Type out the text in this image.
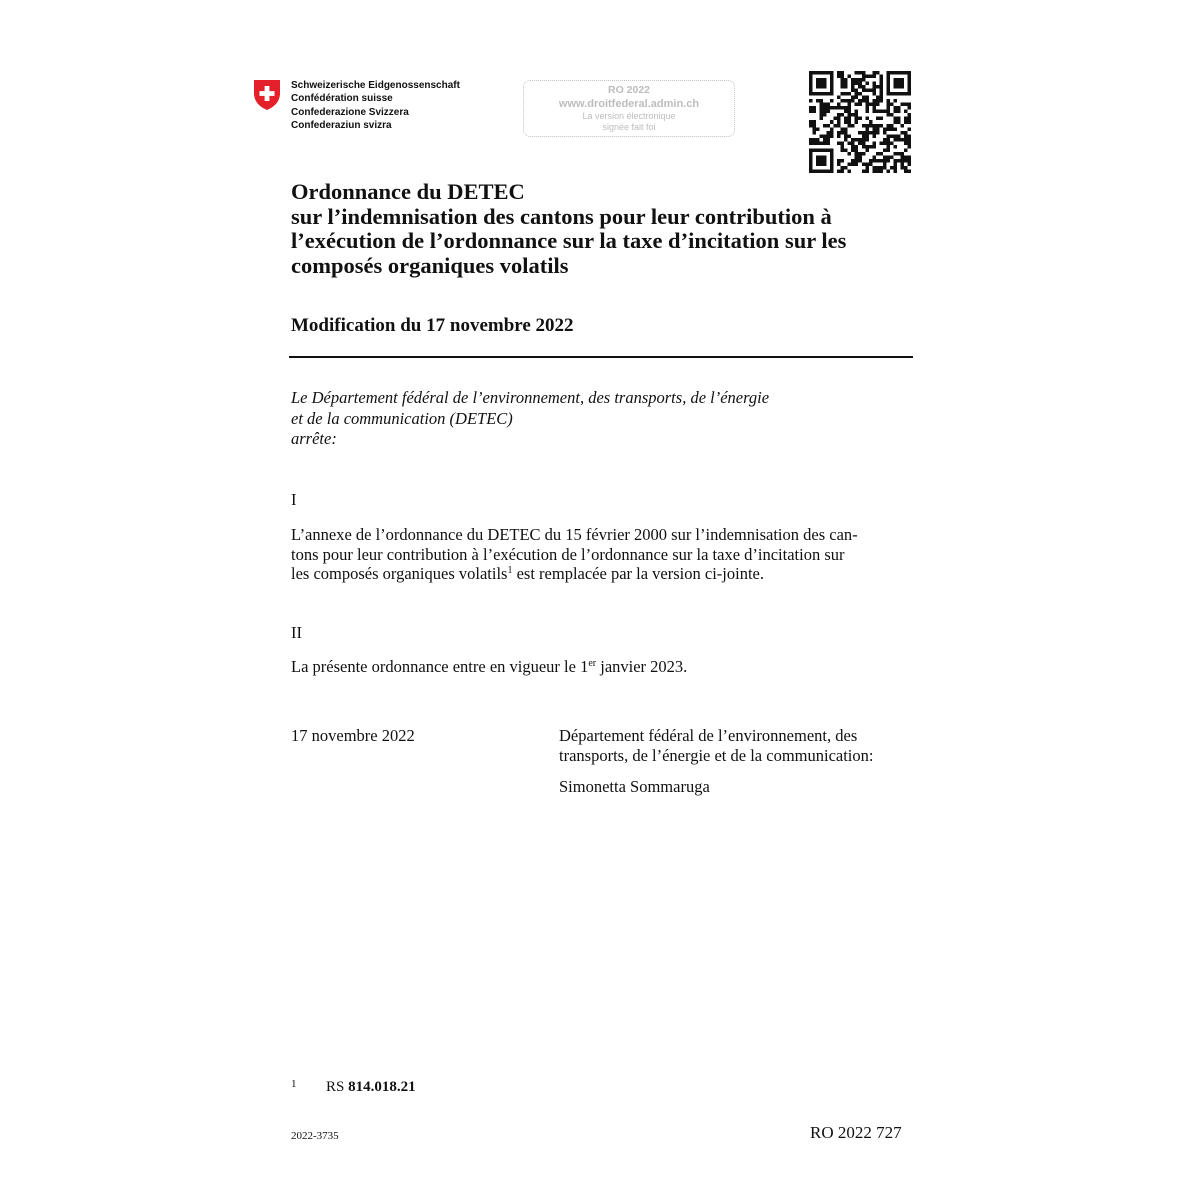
Schweizerische Eidgenossenschaft
Confédération suisse
Confederazione Svizzera
Confederaziun svizra
RO 2022
www.droitfederal.admin.ch
La version électronique
signée fait foi
Ordonnance du DETEC
sur l’indemnisation des cantons pour leur contribution à
l’exécution de l’ordonnance sur la taxe d’incitation sur les
composés organiques volatils
Modification du 17 novembre 2022
Le Département fédéral de l’environnement, des transports, de l’énergie
et de la communication (DETEC)
arrête:
I
L’annexe de l’ordonnance du DETEC du 15 février 2000 sur l’indemnisation des can-
tons pour leur contribution à l’exécution de l’ordonnance sur la taxe d’incitation sur
les composés organiques volatils$^1$ est remplacée par la version ci-jointe.
II
La présente ordonnance entre en vigueur le 1er janvier 2023.
17 novembre 2022	Département fédéral de l’environnement, des
transports, de l’énergie et de la communication:
Simonetta Sommaruga
1 RS 814.018.21
2022-3735	RO 2022 727
